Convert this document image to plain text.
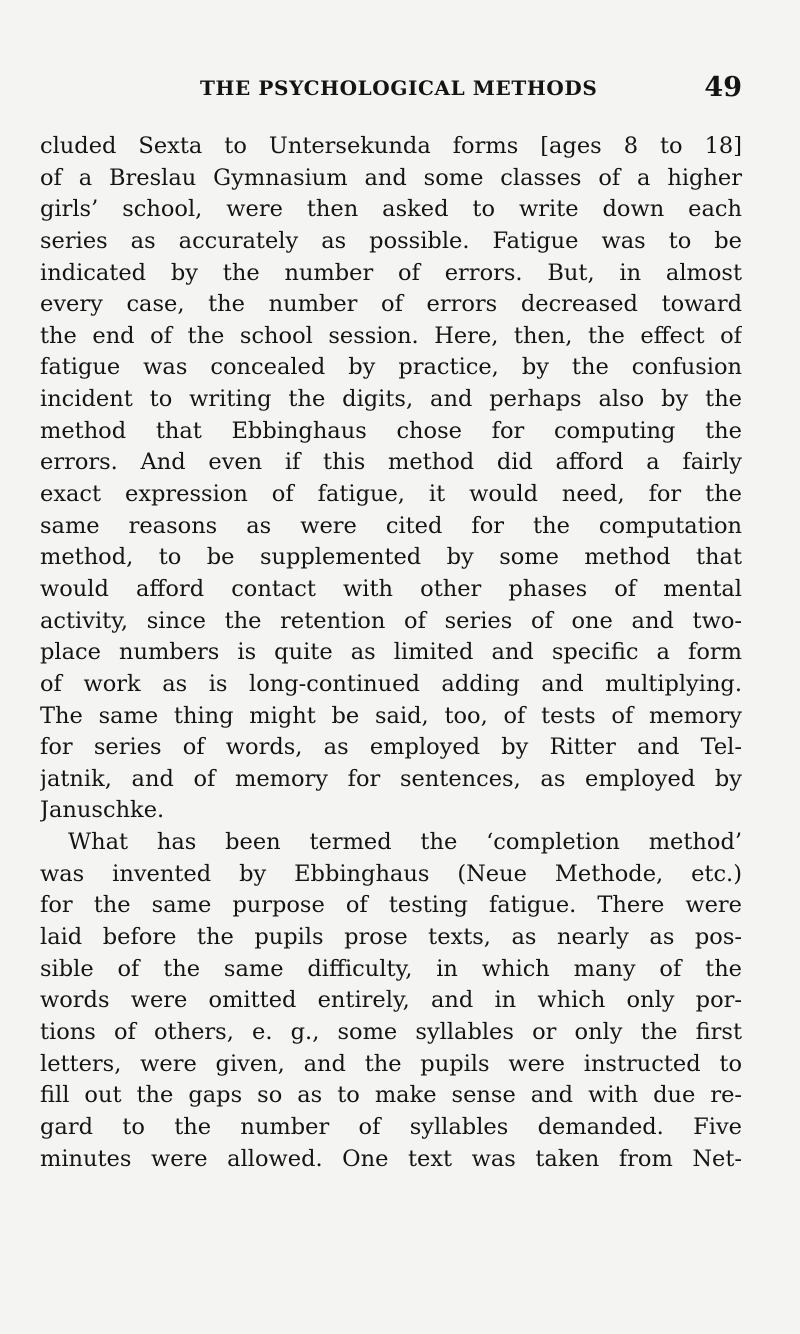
THE PSYCHOLOGICAL METHODS	49
cluded Sexta to Untersekunda forms [ages 8 to 18]
of a Breslau Gymnasium and some classes of a higher
girls’ school, were then asked to write down each
series as accurately as possible. Fatigue was to be
indicated by the number of errors. But, in almost
every case, the number of errors decreased toward
the end of the school session. Here, then, the effect of
fatigue was concealed by practice, by the confusion
incident to writing the digits, and perhaps also by the
method that Ebbinghaus chose for computing the
errors. And even if this method did afford a fairly
exact expression of fatigue, it would need, for the
same reasons as were cited for the computation
method, to be supplemented by some method that
would afford contact with other phases of mental
activity, since the retention of series of one and two-
place numbers is quite as limited and specific a form
of work as is long-continued adding and multiplying.
The same thing might be said, too, of tests of memory
for series of words, as employed by Ritter and Tel-
jatnik, and of memory for sentences, as employed by
Januschke.
What has been termed the ‘completion method’
was invented by Ebbinghaus (Neue Methode, etc.)
for the same purpose of testing fatigue. There were
laid before the pupils prose texts, as nearly as pos-
sible of the same difficulty, in which many of the
words were omitted entirely, and in which only por-
tions of others, e. g., some syllables or only the first
letters, were given, and the pupils were instructed to
fill out the gaps so as to make sense and with due re-
gard to the number of syllables demanded. Five
minutes were allowed. One text was taken from Net-
